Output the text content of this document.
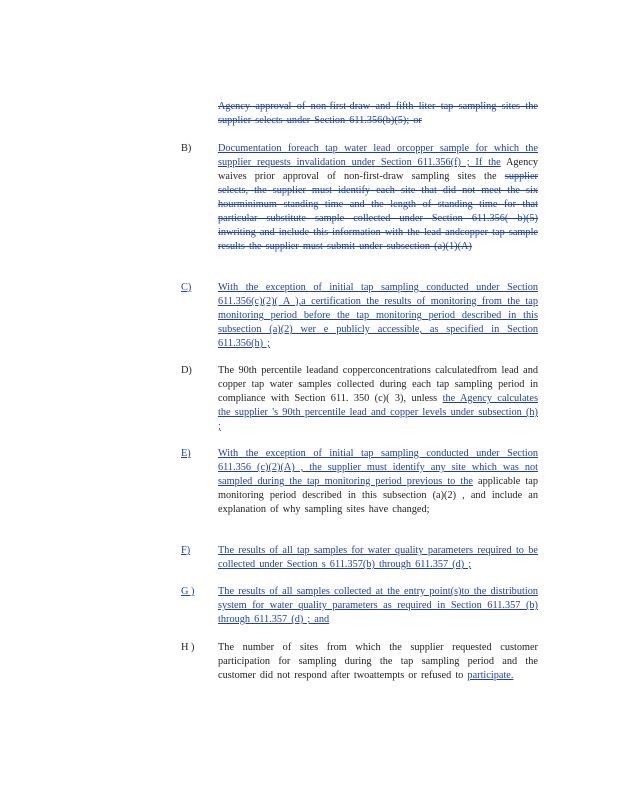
Agency approval of non-first-draw and fifth liter tap sampling sites the supplier selects under Section 611.356(b)(5); or
B)	Documentation foreach tap water lead orcopper sample for which the supplier requests invalidation under Section 611.356(f) ; If the Agency waives prior approval of non-first-draw sampling sites the supplier selects, the supplier must identify each site that did not meet the six hourminimum standing time and the length of standing time for that particular substitute sample collected under Section 611.356( b)(5) inwriting and include this information with the lead andcopper tap sample results the supplier must submit under subsection (a)(1)(A)
C)	With the exception of initial tap sampling conducted under Section 611.356(c)(2)( A ),a certification the results of monitoring from the tap monitoring period before the tap monitoring period described in this subsection (a)(2) wer e publicly accessible, as specified in Section 611.356(h) ;
D)	The 90th percentile leadand copperconcentrations calculatedfrom lead and copper tap water samples collected during each tap sampling period in compliance with Section 611. 350 (c)( 3), unless the Agency calculates the supplier 's 90th percentile lead and copper levels under subsection (h) ;
E)	With the exception of initial tap sampling conducted under Section 611.356 (c)(2)(A) , the supplier must identify any site which was not sampled during the tap monitoring period previous to the applicable tap monitoring period described in this subsection (a)(2) , and include an explanation of why sampling sites have changed;
F)	The results of all tap samples for water quality parameters required to be collected under Section s 611.357(b) through 611.357 (d) ;
G ) The results of all samples collected at the entry point(s)to the distribution system for water quality parameters as required in Section 611.357 (b) through 611.357 (d) ; and
H ) The number of sites from which the supplier requested customer participation for sampling during the tap sampling period and the customer did not respond after twoattempts or refused to participate.
